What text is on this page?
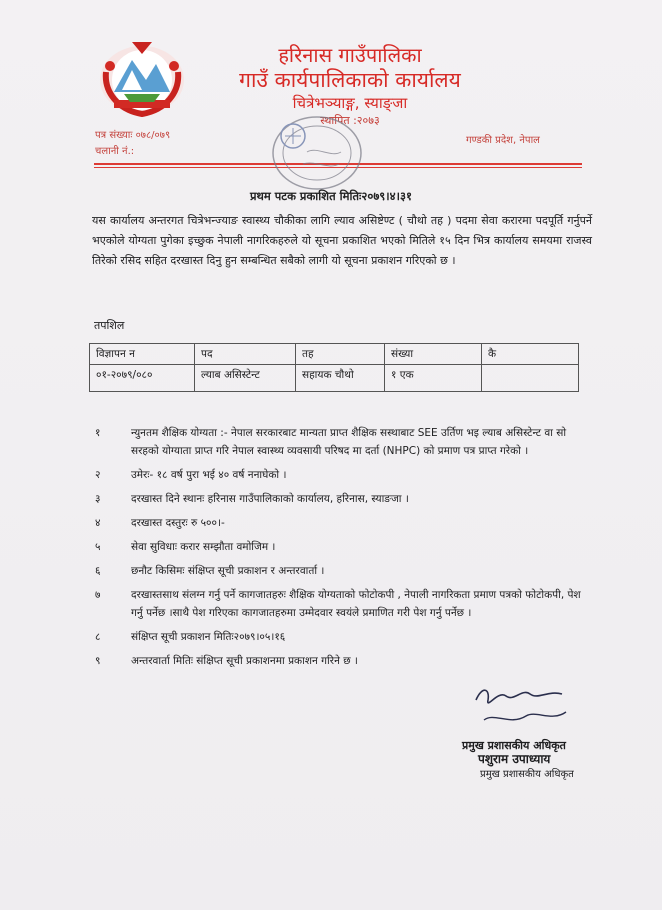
हरिनास गाउँपालिका
गाउँ कार्यपालिकाको कार्यालय
चित्रेभञ्याङ्ग, स्याङ्जा
स्थापित :२०७३
पत्र संख्याः ०७८/०७९
चलानी नं.:
गण्डकी प्रदेश, नेपाल
प्रथम पटक प्रकाशित मितिः२०७९।४।३१
यस कार्यालय अन्तरगत चित्रेभन्ज्याङ स्वास्थ्य चौकीका लागि ल्याव असिष्टेण्ट ( चौथो तह ) पदमा सेवा करारमा पदपूर्ति गर्नुपर्ने भएकोले योग्यता पुगेका इच्छुक नेपाली नागरिकहरुले यो सूचना प्रकाशित भएको मितिले १५ दिन भित्र कार्यालय समयमा राजस्व तिरेको रसिद सहित दरखास्त दिनु हुन सम्बन्धित सबैको लागी यो सूचना प्रकाशन गरिएको छ ।
तपशिल
विज्ञापन न	पद	तह	संख्या	कै
०१-२०७९/०८०	ल्याब असिस्टेन्ट	सहायक चौथो	१ एक	
१	न्युनतम शैक्षिक योग्यता :- नेपाल सरकारबाट मान्यता प्राप्त शैक्षिक सस्थाबाट SEE उर्तिण भइ ल्याब असिस्टेन्ट वा सो सरहको योग्याता प्राप्त गरि नेपाल स्वास्थ्य व्यवसायी परिषद मा दर्ता (NHPC) को प्रमाण पत्र प्राप्त गरेको ।
२	उमेरः- १८ वर्ष पुरा भई ४० वर्ष ननाघेको ।
३	दरखास्त दिने स्थानः हरिनास गाउँपालिकाको कार्यालय, हरिनास, स्याङजा ।
४	दरखास्त दस्तुरः रु ५००।-
५	सेवा सुविधाः करार सम्झौता वमोजिम ।
६	छनौट किसिमः संक्षिप्त सूची प्रकाशन र अन्तरवार्ता ।
७	दरखास्तसाथ संलग्न गर्नु पर्ने कागजातहरुः शैक्षिक योग्यताको फोटोकपी , नेपाली नागरिकता प्रमाण पत्रको फोटोकपी, पेश गर्नु पर्नेछ ।साथै पेश गरिएका कागजातहरुमा उम्मेदवार स्वयंले प्रमाणित गरी पेश गर्नु पर्नेछ ।
८	संक्षिप्त सूची प्रकाशन मितिः२०७९।०५।१६
९	अन्तरवार्ता मितिः संक्षिप्त सूची प्रकाशनमा प्रकाशन गरिने छ ।
प्रमुख प्रशासकीय अधिकृत
पशुराम उपाध्याय
प्रमुख प्रशासकीय अधिकृत
